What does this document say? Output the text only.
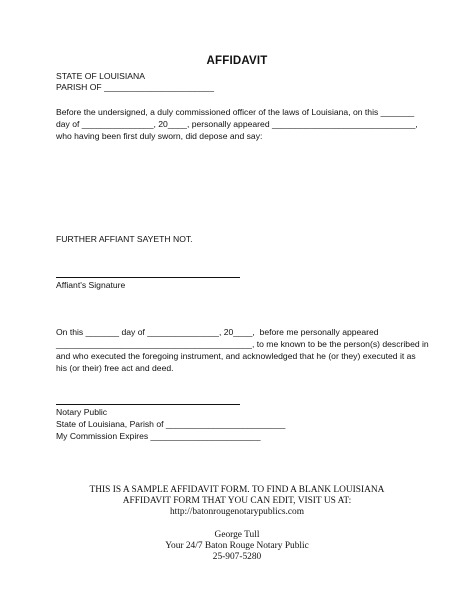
AFFIDAVIT
STATE OF LOUISIANA
PARISH OF _______________________
Before the undersigned, a duly commissioned officer of the laws of Louisiana, on this _______
day of _______________, 20____, personally appeared ______________________________,
who having been first duly sworn, did depose and say:
FURTHER AFFIANT SAYETH NOT.
Affiant's Signature
On this _______ day of _______________, 20____,  before me personally appeared
_________________________________________, to me known to be the person(s) described in
and who executed the foregoing instrument, and acknowledged that he (or they) executed it as
his (or their) free act and deed.
Notary Public
State of Louisiana, Parish of _________________________
My Commission Expires _______________________
THIS IS A SAMPLE AFFIDAVIT FORM. TO FIND A BLANK LOUISIANA
AFFIDAVIT FORM THAT YOU CAN EDIT, VISIT US AT:
http://batonrougenotarypublics.com
George Tull
Your 24/7 Baton Rouge Notary Public
25-907-5280
